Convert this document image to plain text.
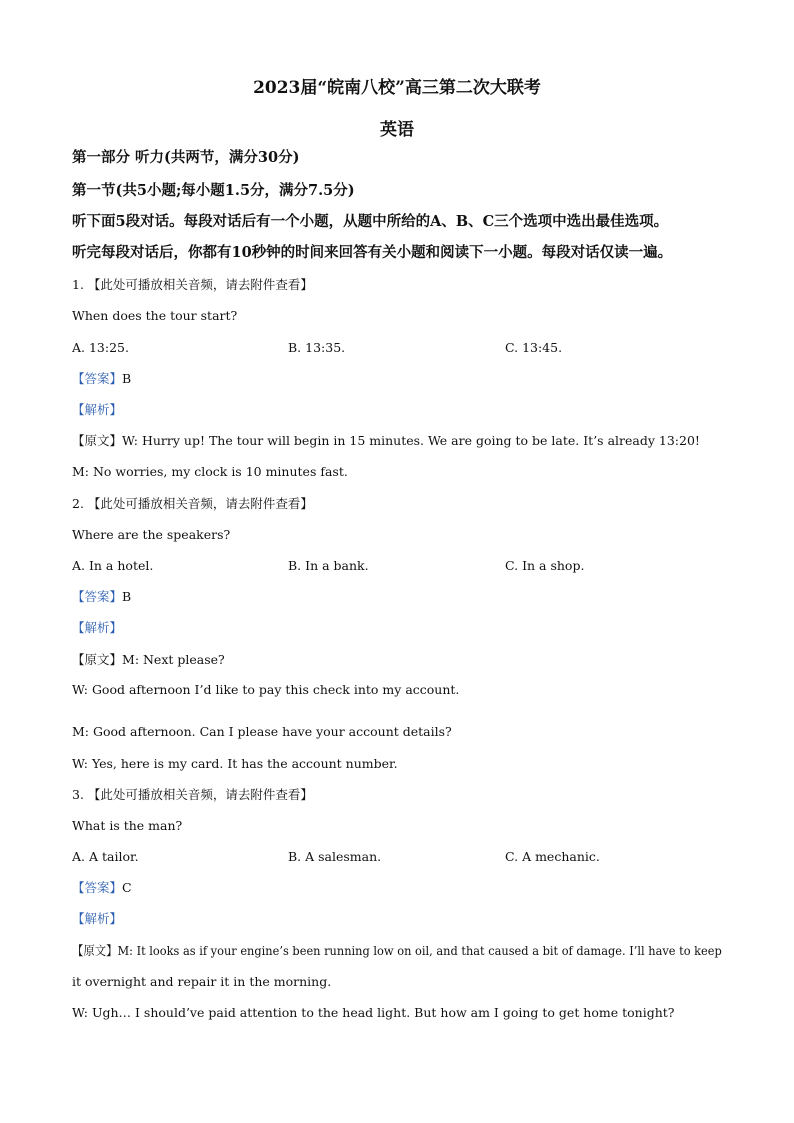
2023届“皖南八校”高三第二次大联考
英语
第一部分 听力(共两节，满分30分)
第一节(共5小题;每小题1.5分，满分7.5分)
听下面5段对话。每段对话后有一个小题，从题中所给的A、B、C三个选项中选出最佳选项。
听完每段对话后，你都有10秒钟的时间来回答有关小题和阅读下一小题。每段对话仅读一遍。
1. 【此处可播放相关音频，请去附件查看】
When does the tour start?
A. 13:25.	B. 13:35.	C. 13:45.
【答案】B
【解析】
【原文】W: Hurry up! The tour will begin in 15 minutes. We are going to be late. It’s already 13:20!
M: No worries, my clock is 10 minutes fast.
2. 【此处可播放相关音频，请去附件查看】
Where are the speakers?
A. In a hotel.	B. In a bank.	C. In a shop.
【答案】B
【解析】
【原文】M: Next please?
W: Good afternoon I’d like to pay this check into my account.
M: Good afternoon. Can I please have your account details?
W: Yes, here is my card. It has the account number.
3. 【此处可播放相关音频，请去附件查看】
What is the man?
A. A tailor.	B. A salesman.	C. A mechanic.
【答案】C
【解析】
【原文】M: It looks as if your engine’s been running low on oil, and that caused a bit of damage. I’ll have to keep
it overnight and repair it in the morning.
W: Ugh… I should’ve paid attention to the head light. But how am I going to get home tonight?
